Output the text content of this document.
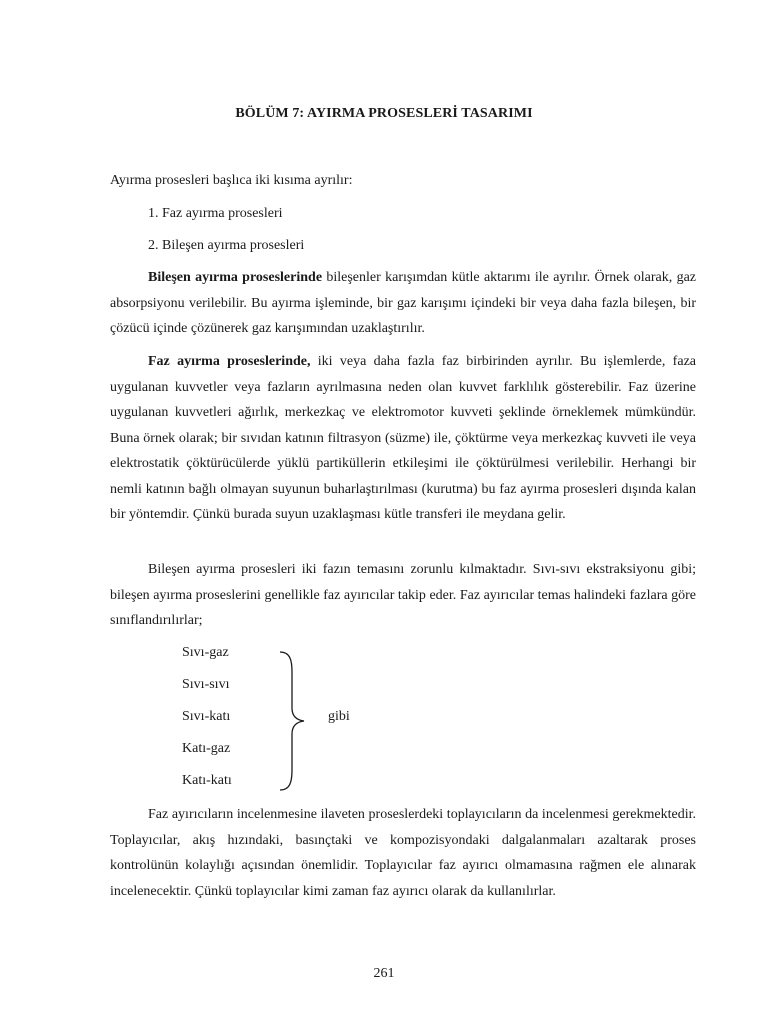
BÖLÜM 7: AYIRMA PROSESLERİ TASARIMI
Ayırma prosesleri başlıca iki kısıma ayrılır:
1. Faz ayırma prosesleri
2. Bileşen ayırma prosesleri
Bileşen ayırma proseslerinde bileşenler karışımdan kütle aktarımı ile ayrılır. Örnek olarak, gaz absorpsiyonu verilebilir. Bu ayırma işleminde, bir gaz karışımı içindeki bir veya daha fazla bileşen, bir çözücü içinde çözünerek gaz karışımından uzaklaştırılır.
Faz ayırma proseslerinde, iki veya daha fazla faz birbirinden ayrılır. Bu işlemlerde, faza uygulanan kuvvetler veya fazların ayrılmasına neden olan kuvvet farklılık gösterebilir. Faz üzerine uygulanan kuvvetleri ağırlık, merkezkaç ve elektromotor kuvveti şeklinde örneklemek mümkündür. Buna örnek olarak; bir sıvıdan katının filtrasyon (süzme) ile, çöktürme veya merkezkaç kuvveti ile veya elektrostatik çöktürücülerde yüklü partiküllerin etkileşimi ile çöktürülmesi verilebilir. Herhangi bir nemli katının bağlı olmayan suyunun buharlaştırılması (kurutma) bu faz ayırma prosesleri dışında kalan bir yöntemdir. Çünkü burada suyun uzaklaşması kütle transferi ile meydana gelir.
Bileşen ayırma prosesleri iki fazın temasını zorunlu kılmaktadır. Sıvı-sıvı ekstraksiyonu gibi; bileşen ayırma proseslerini genellikle faz ayırıcılar takip eder. Faz ayırıcılar temas halindeki fazlara göre sınıflandırılırlar;
Sıvı-gaz
Sıvı-sıvı
Sıvı-katı
Katı-gaz
Katı-katı
gibi
Faz ayırıcıların incelenmesine ilaveten proseslerdeki toplayıcıların da incelenmesi gerekmektedir. Toplayıcılar, akış hızındaki, basınçtaki ve kompozisyondaki dalgalanmaları azaltarak proses kontrolünün kolaylığı açısından önemlidir. Toplayıcılar faz ayırıcı olmamasına rağmen ele alınarak incelenecektir. Çünkü toplayıcılar kimi zaman faz ayırıcı olarak da kullanılırlar.
261
